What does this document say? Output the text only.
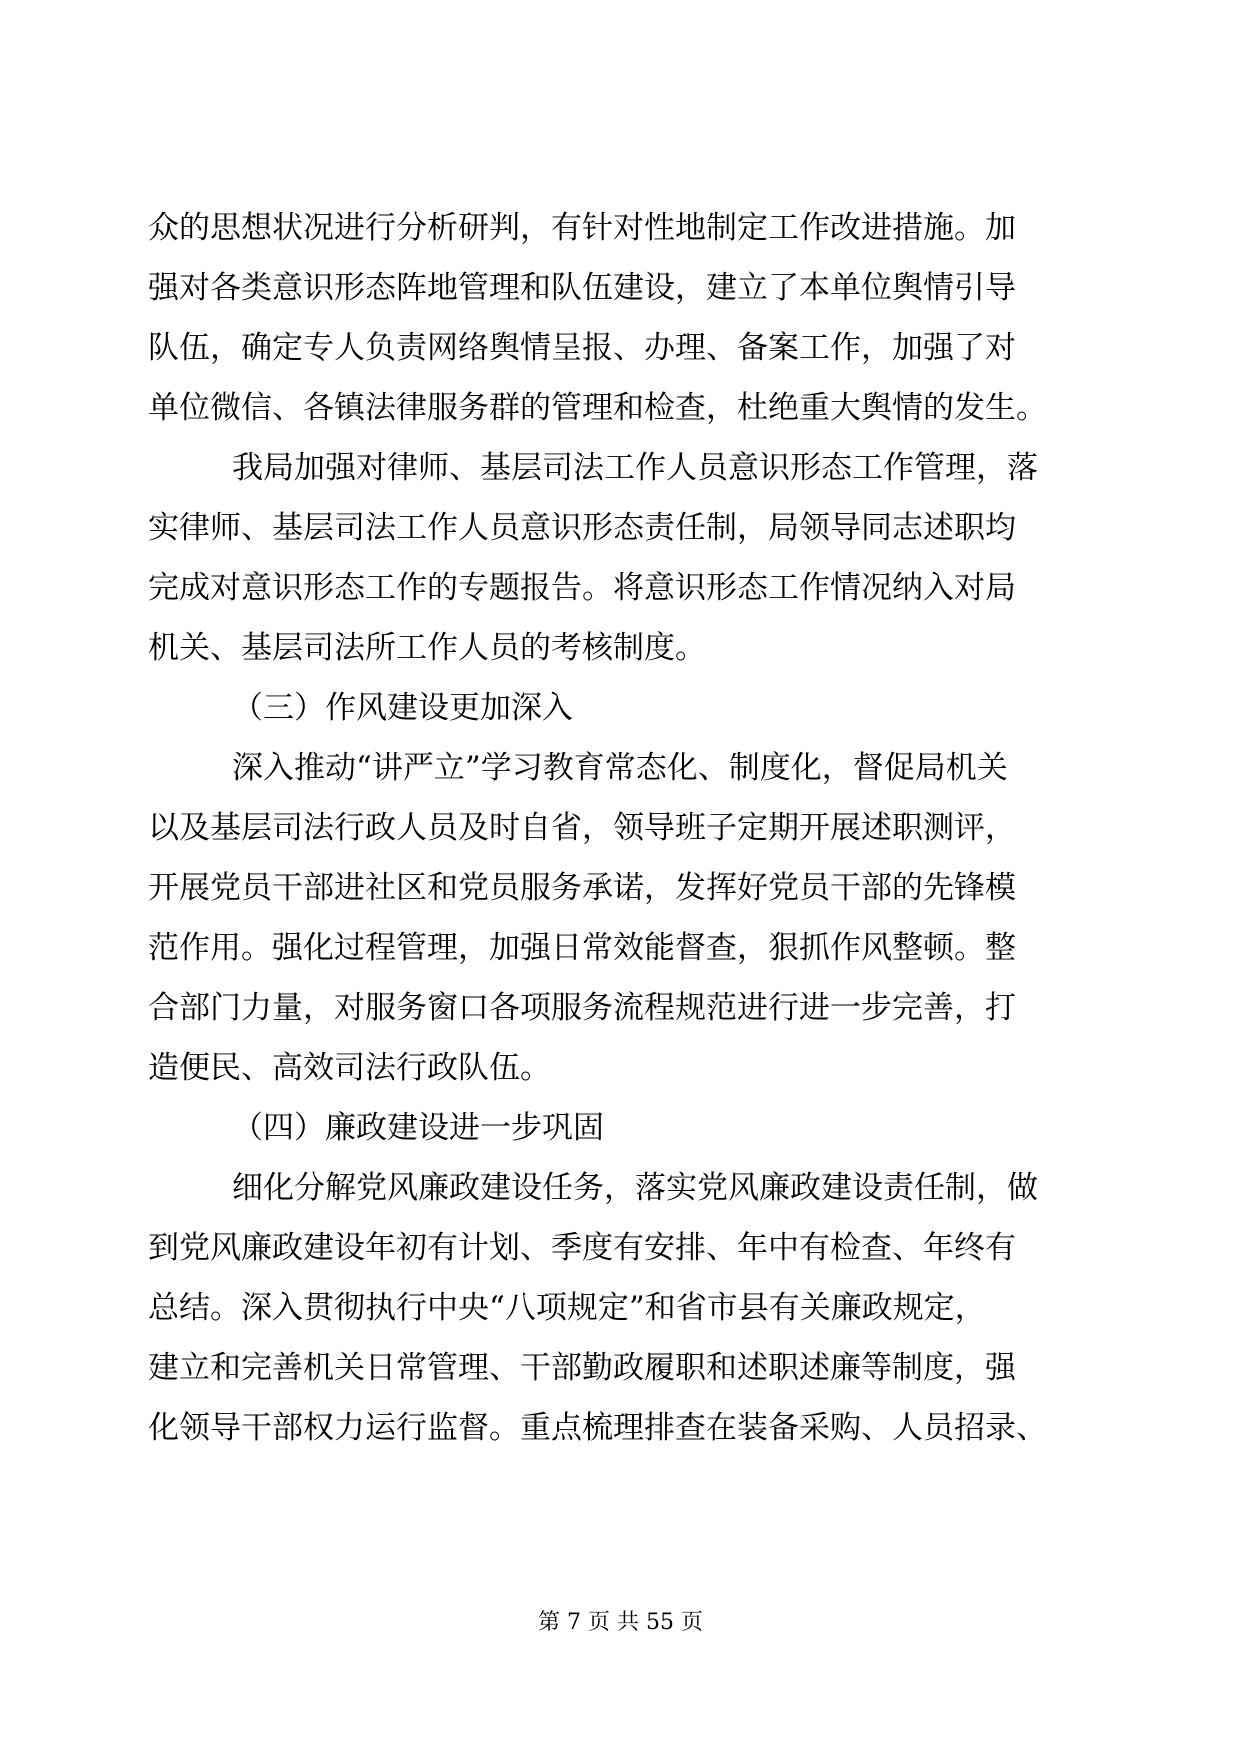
众的思想状况进行分析研判，有针对性地制定工作改进措施。加
强对各类意识形态阵地管理和队伍建设，建立了本单位舆情引导
队伍，确定专人负责网络舆情呈报、办理、备案工作，加强了对
单位微信、各镇法律服务群的管理和检查，杜绝重大舆情的发生。
我局加强对律师、基层司法工作人员意识形态工作管理，落
实律师、基层司法工作人员意识形态责任制，局领导同志述职均
完成对意识形态工作的专题报告。将意识形态工作情况纳入对局
机关、基层司法所工作人员的考核制度。
（三）作风建设更加深入
深入推动“讲严立”学习教育常态化、制度化，督促局机关
以及基层司法行政人员及时自省，领导班子定期开展述职测评，
开展党员干部进社区和党员服务承诺，发挥好党员干部的先锋模
范作用。强化过程管理，加强日常效能督查，狠抓作风整顿。整
合部门力量，对服务窗口各项服务流程规范进行进一步完善，打
造便民、高效司法行政队伍。
（四）廉政建设进一步巩固
细化分解党风廉政建设任务，落实党风廉政建设责任制，做
到党风廉政建设年初有计划、季度有安排、年中有检查、年终有
总结。深入贯彻执行中央“八项规定”和省市县有关廉政规定，
建立和完善机关日常管理、干部勤政履职和述职述廉等制度，强
化领导干部权力运行监督。重点梳理排查在装备采购、人员招录、
第 7 页 共 55 页
